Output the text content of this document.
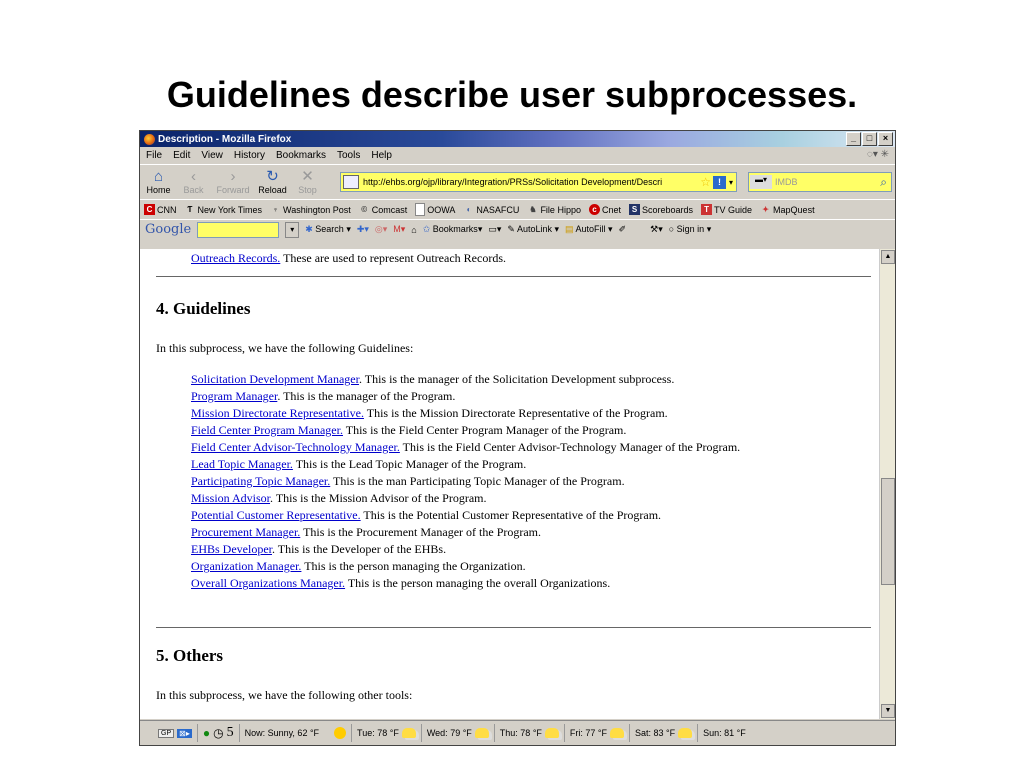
Guidelines describe user subprocesses.
Description - Mozilla Firefox	_	□	×
File Edit View History Bookmarks Tools Help	◌▾ ✳
⌂
Home
‹
Back
›
Forward
↻
Reload
✕
Stop
http://ehbs.org/ojp/library/Integration/PRSs/Solicitation Development/Descri	☆ !	▾	▬▾ IMDB	⌕
C CNN	Ƭ New York Times	♆ Washington Post	© Comcast OOWA	◐ NASAFCU ♞ File Hippo	c Cnet	S Scoreboards	T TV Guide ✦ MapQuest
Google	▾	✱ Search ▾ ✚▾ ◎▾ M▾ ⌂ ✩ Bookmarks▾ ▭▾ ✎ AutoLink ▾ ▤ AutoFill ▾ ✐	⚒▾ ○ Sign in ▾
Outreach Records. These are used to represent Outreach Records.
4. Guidelines
In this subprocess, we have the following Guidelines:
Solicitation Development Manager. This is the manager of the Solicitation Development subprocess.
Program Manager. This is the manager of the Program.
Mission Directorate Representative. This is the Mission Directorate Representative of the Program.
Field Center Program Manager. This is the Field Center Program Manager of the Program.
Field Center Advisor-Technology Manager. This is the Field Center Advisor-Technology Manager of the Program.
Lead Topic Manager. This is the Lead Topic Manager of the Program.
Participating Topic Manager. This is the man Participating Topic Manager of the Program.
Mission Advisor. This is the Mission Advisor of the Program.
Potential Customer Representative. This is the Potential Customer Representative of the Program.
Procurement Manager. This is the Procurement Manager of the Program.
EHBs Developer. This is the Developer of the EHBs.
Organization Manager. This is the person managing the Organization.
Overall Organizations Manager. This is the person managing the overall Organizations.
5. Others
In this subprocess, we have the following other tools:
▲
▼
GP	⊠▸ ● ◷ 5 Now: Sunny, 62 °F	Tue: 78 °F	Wed: 79 °F	Thu: 78 °F	Fri: 77 °F	Sat: 83 °F	Sun: 81 °F
